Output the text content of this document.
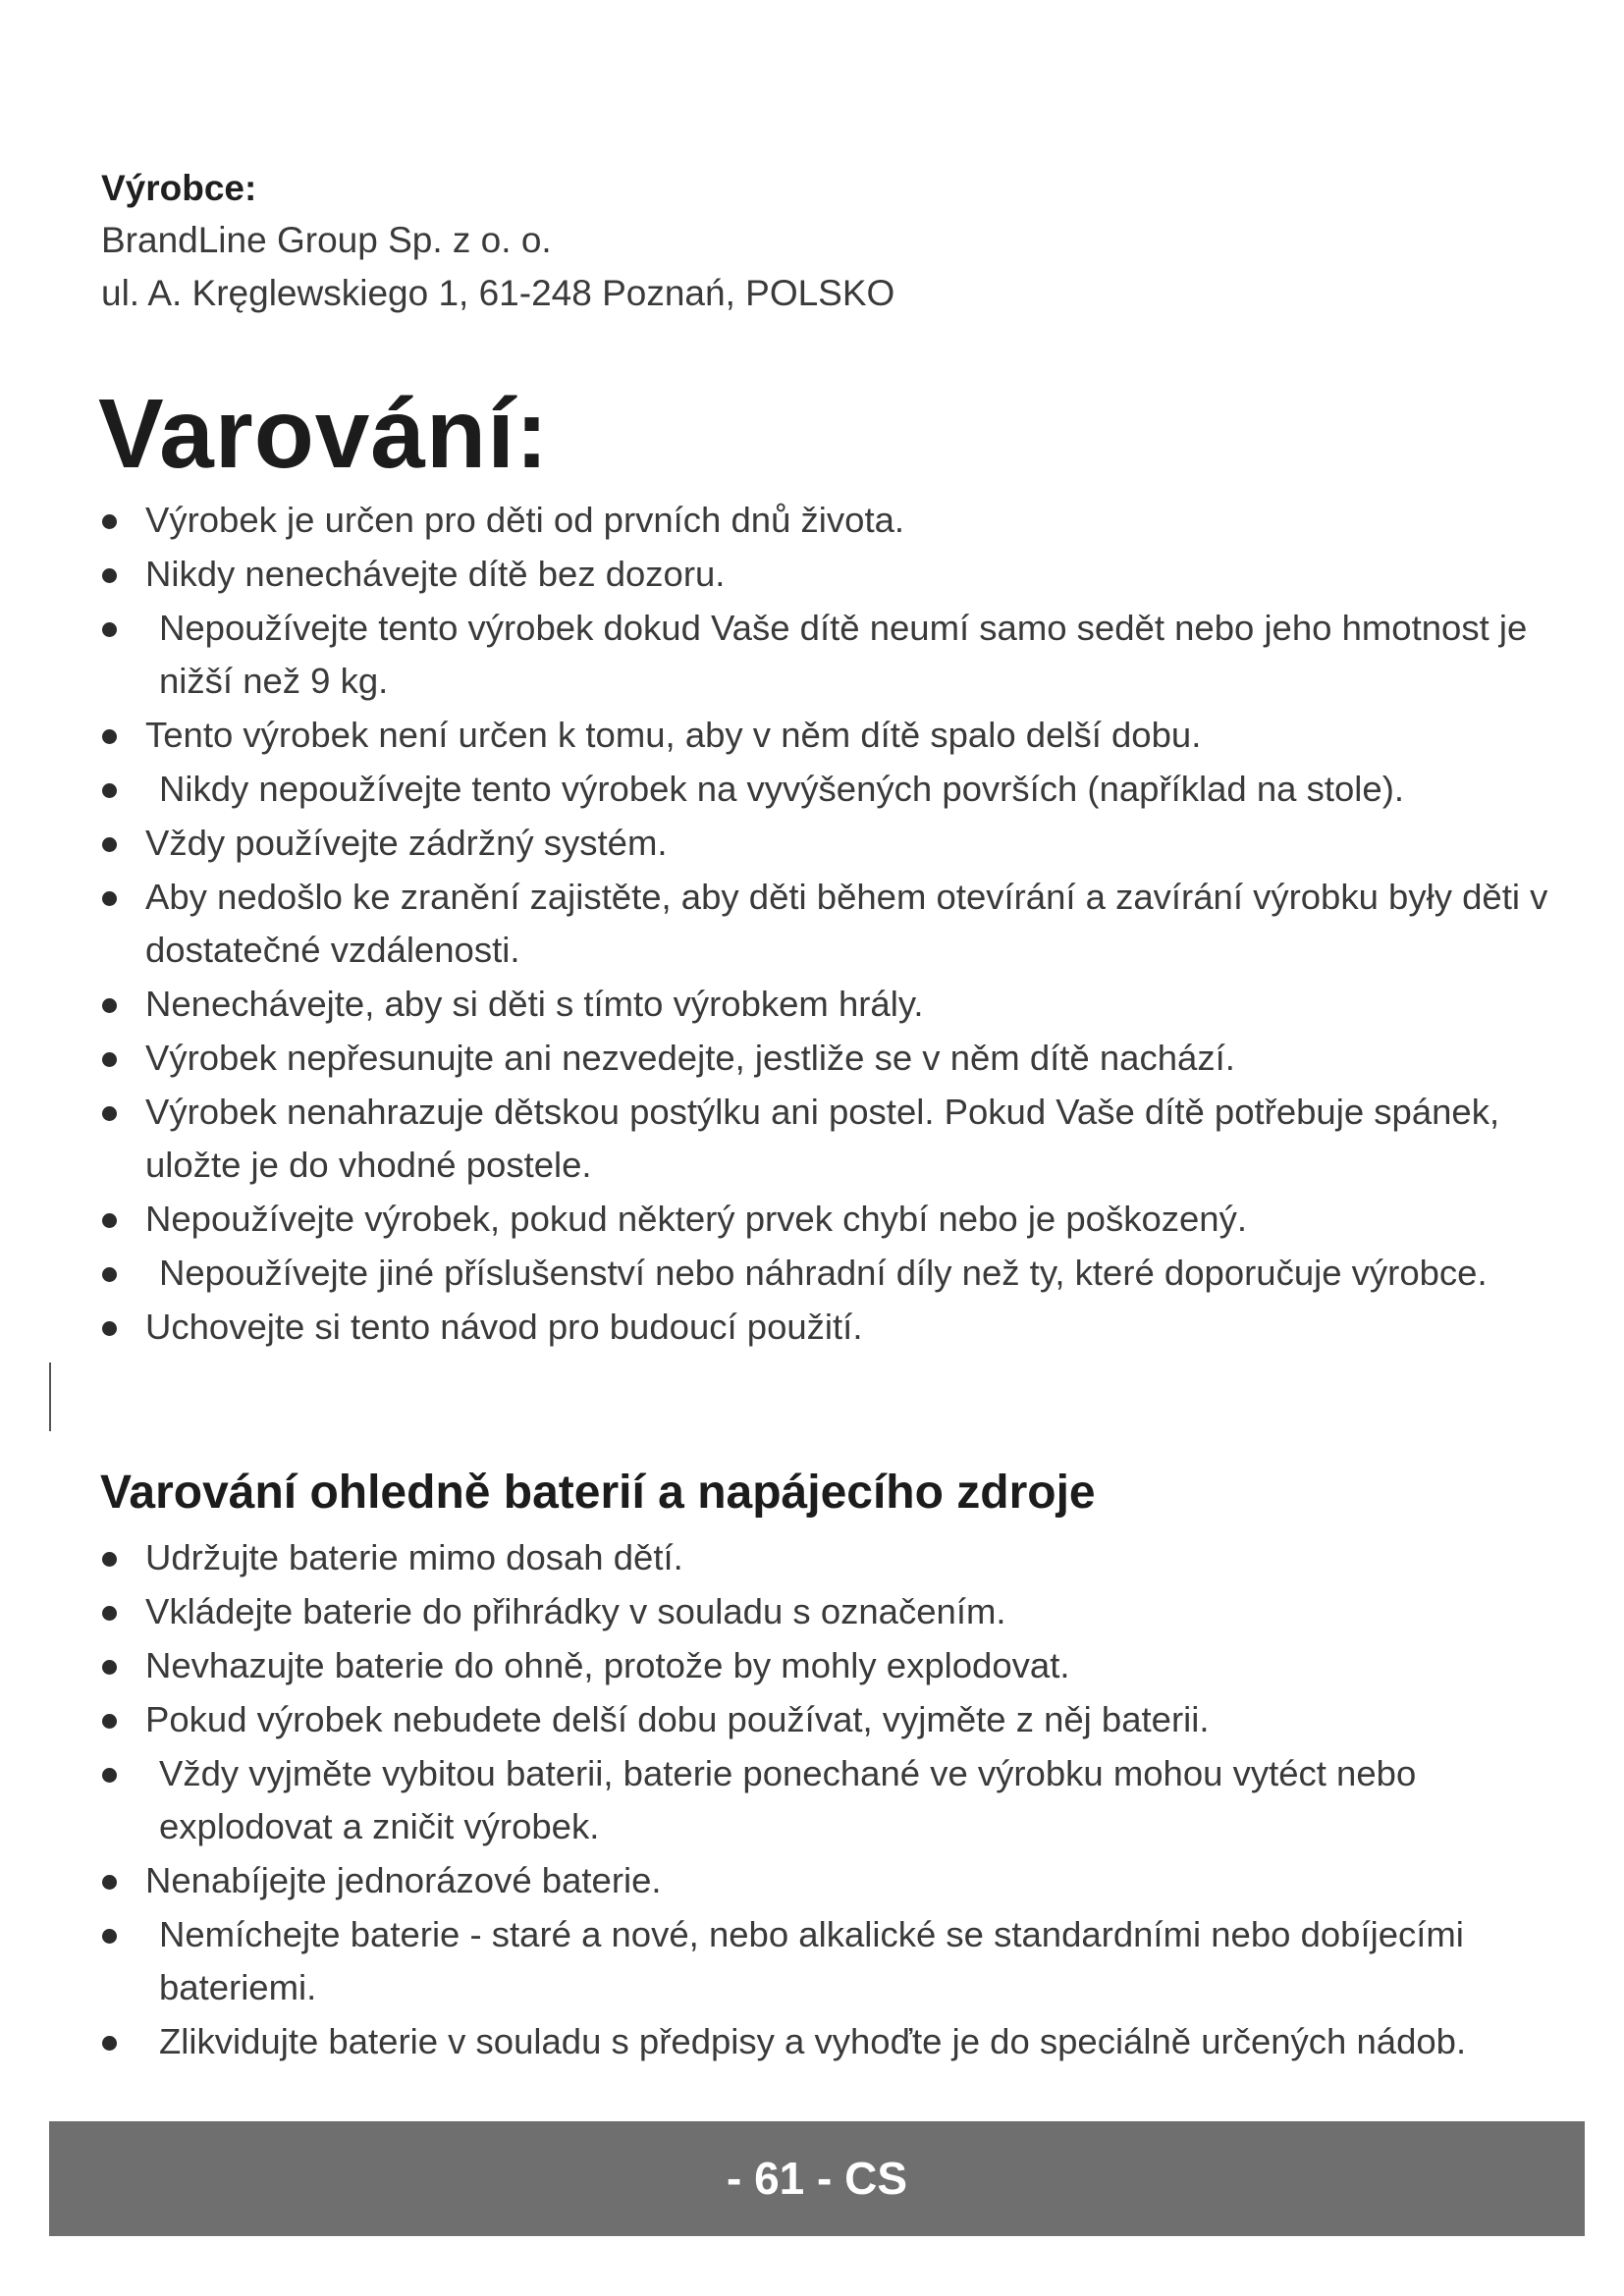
Výrobce:
BrandLine Group Sp. z o. o.
ul. A. Kręglewskiego 1, 61-248 Poznań, POLSKO
Varování:
Výrobek je určen pro děti od prvních dnů života.
Nikdy nenechávejte dítě bez dozoru.
Nepoužívejte tento výrobek dokud Vaše dítě neumí samo sedět nebo jeho hmotnost je nižší než 9 kg.
Tento výrobek není určen k tomu, aby v něm dítě spalo delší dobu.
Nikdy nepoužívejte tento výrobek na vyvýšených površích (například na stole).
Vždy používejte zádržný systém.
Aby nedošlo ke zranění zajistěte, aby děti během otevírání a zavírání výrobku były děti v dostatečné vzdálenosti.
Nenechávejte, aby si děti s tímto výrobkem hrály.
Výrobek nepřesunujte ani nezvedejte, jestliže se v něm dítě nachází.
Výrobek nenahrazuje dětskou postýlku ani postel. Pokud Vaše dítě potřebuje spánek, uložte je do vhodné postele.
Nepoužívejte výrobek, pokud některý prvek chybí nebo je poškozený.
Nepoužívejte jiné příslušenství nebo náhradní díly než ty, které doporučuje výrobce.
Uchovejte si tento návod pro budoucí použití.
Varování ohledně baterií a napájecího zdroje
Udržujte baterie mimo dosah dětí.
Vkládejte baterie do přihrádky v souladu s označením.
Nevhazujte baterie do ohně, protože by mohly explodovat.
Pokud výrobek nebudete delší dobu používat, vyjměte z něj baterii.
Vždy vyjměte vybitou baterii, baterie ponechané ve výrobku mohou vytéct nebo explodovat a zničit výrobek.
Nenabíjejte jednorázové baterie.
Nemíchejte baterie - staré a nové, nebo alkalické se standardními nebo dobíjecími bateriemi.
Zlikvidujte baterie v souladu s předpisy a vyhoďte je do speciálně určených nádob.
- 61 - CS
